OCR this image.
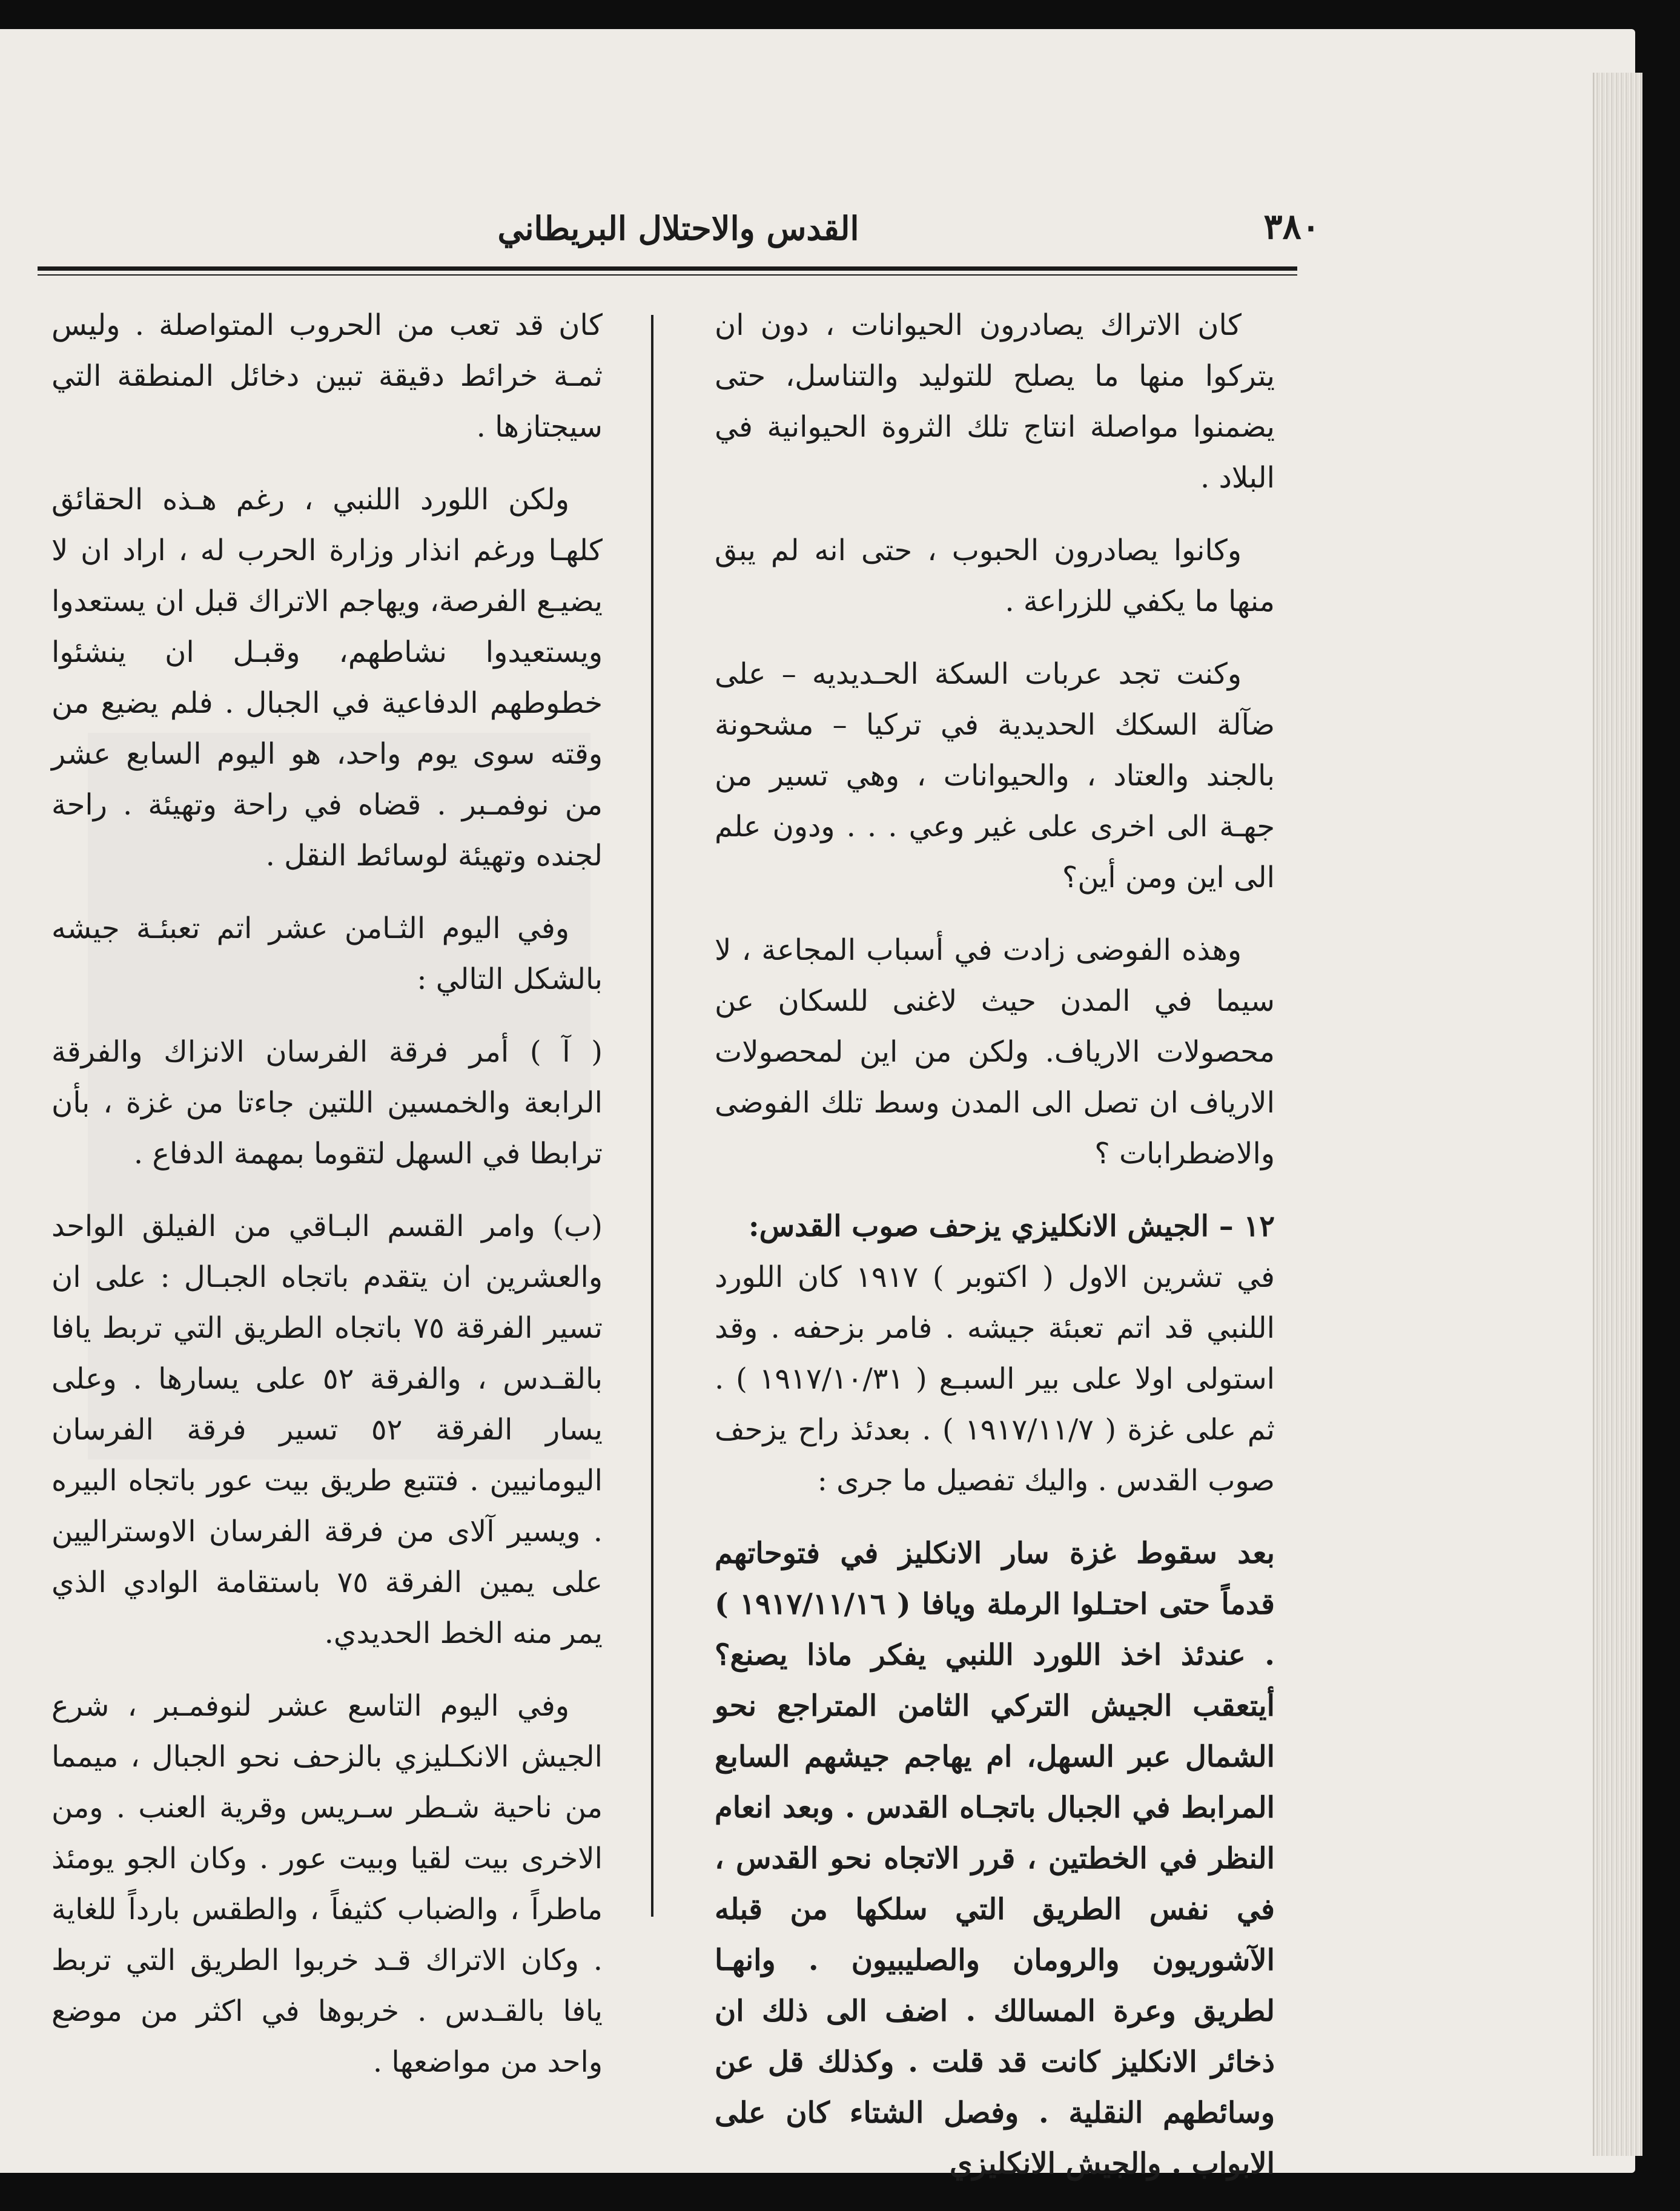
القدس والاحتلال البريطاني	٣٨٠

كان الاتراك يصادرون الحيوانات ، دون ان يتركوا منها ما يصلح للتوليد والتناسل، حتى يضمنوا مواصلة انتاج تلك الثروة الحيوانية في البلاد .

وكانوا يصادرون الحبوب ، حتى انه لم يبق منها ما يكفي للزراعة .

وكنت تجد عربات السكة الحـديديه – على ضآلة السكك الحديدية في تركيا – مشحونة بالجند والعتاد ، والحيوانات ، وهي تسير من جهـة الى اخرى على غير وعي . . . ودون علم الى اين ومن أين؟

وهذه الفوضى زادت في أسباب المجاعة ، لا سيما في المدن حيث لاغنى للسكان عن محصولات الارياف. ولكن من اين لمحصولات الارياف ان تصل الى المدن وسط تلك الفوضى والاضطرابات ؟

١٢ – الجيش الانكليزي يزحف صوب القدس:

في تشرين الاول ( اكتوبر ) ١٩١٧ كان اللورد اللنبي قد اتم تعبئة جيشه . فامر بزحفه . وقد استولى اولا على بير السبـع ( ١٩١٧/١٠/٣١ ) . ثم على غزة ( ١٩١٧/١١/٧ ) . بعدئذ راح يزحف صوب القدس . واليك تفصيل ما جرى :

بعد سقوط غزة سار الانكليز في فتوحاتهم قدماً حتى احتـلوا الرملة ويافا ( ١٩١٧/١١/١٦ ) . عندئذ اخذ اللورد اللنبي يفكر ماذا يصنع؟ أيتعقب الجيش التركي الثامن المتراجع نحو الشمال عبر السهل، ام يهاجم جيشهم السابع المرابط في الجبال باتجـاه القدس . وبعد انعام النظر في الخطتين ، قرر الاتجاه نحو القدس ، في نفس الطريق التي سلكها من قبله الآشوريون والرومان والصليبيون . وانهـا لطريق وعرة المسالك . اضف الى ذلك ان ذخائر الانكليز كانت قد قلت . وكذلك قل عن وسائطهم النقلية . وفصل الشتاء كان على الابواب . والجيش الانكليزي

كان قد تعب من الحروب المتواصلة . وليس ثمـة خرائط دقيقة تبين دخائل المنطقة التي سيجتازها .

ولكن اللورد اللنبي ، رغم هـذه الحقائق كلهـا ورغم انذار وزارة الحرب له ، اراد ان لا يضيـع الفرصة، ويهاجم الاتراك قبل ان يستعدوا ويستعيدوا نشاطهم، وقبـل ان ينشئوا خطوطهم الدفاعية في الجبال . فلم يضيع من وقته سوى يوم واحد، هو اليوم السابع عشر من نوفمـبر . قضاه في راحة وتهيئة . راحة لجنده وتهيئة لوسائط النقل .

وفي اليوم الثـامن عشر اتم تعبئـة جيشه بالشكل التالي :

( آ ) أمر فرقة الفرسان الانزاك والفرقة الرابعة والخمسين اللتين جاءتا من غزة ، بأن ترابطا في السهل لتقوما بمهمة الدفاع .

(ب) وامر القسم البـاقي من الفيلق الواحد والعشرين ان يتقدم باتجاه الجبـال : على ان تسير الفرقة ٧٥ باتجاه الطريق التي تربط يافا بالقـدس ، والفرقة ٥٢ على يسارها . وعلى يسار الفرقة ٥٢ تسير فرقة الفرسان اليومانيين . فتتبع طريق بيت عور باتجاه البيره . ويسير آلاى من فرقة الفرسان الاوستراليين على يمين الفرقة ٧٥ باستقامة الوادي الذي يمر منه الخط الحديدي.

وفي اليوم التاسع عشر لنوفمـبر ، شرع الجيش الانكـليزي بالزحف نحو الجبال ، ميمما من ناحية شـطر سـريس وقرية العنب . ومن الاخرى بيت لقيا وبيت عور . وكان الجو يومئذ ماطراً ، والضباب كثيفاً ، والطقس بارداً للغاية . وكان الاتراك قـد خربوا الطريق التي تربط يافا بالقـدس . خربوها في اكثر من موضع واحد من مواضعها .
